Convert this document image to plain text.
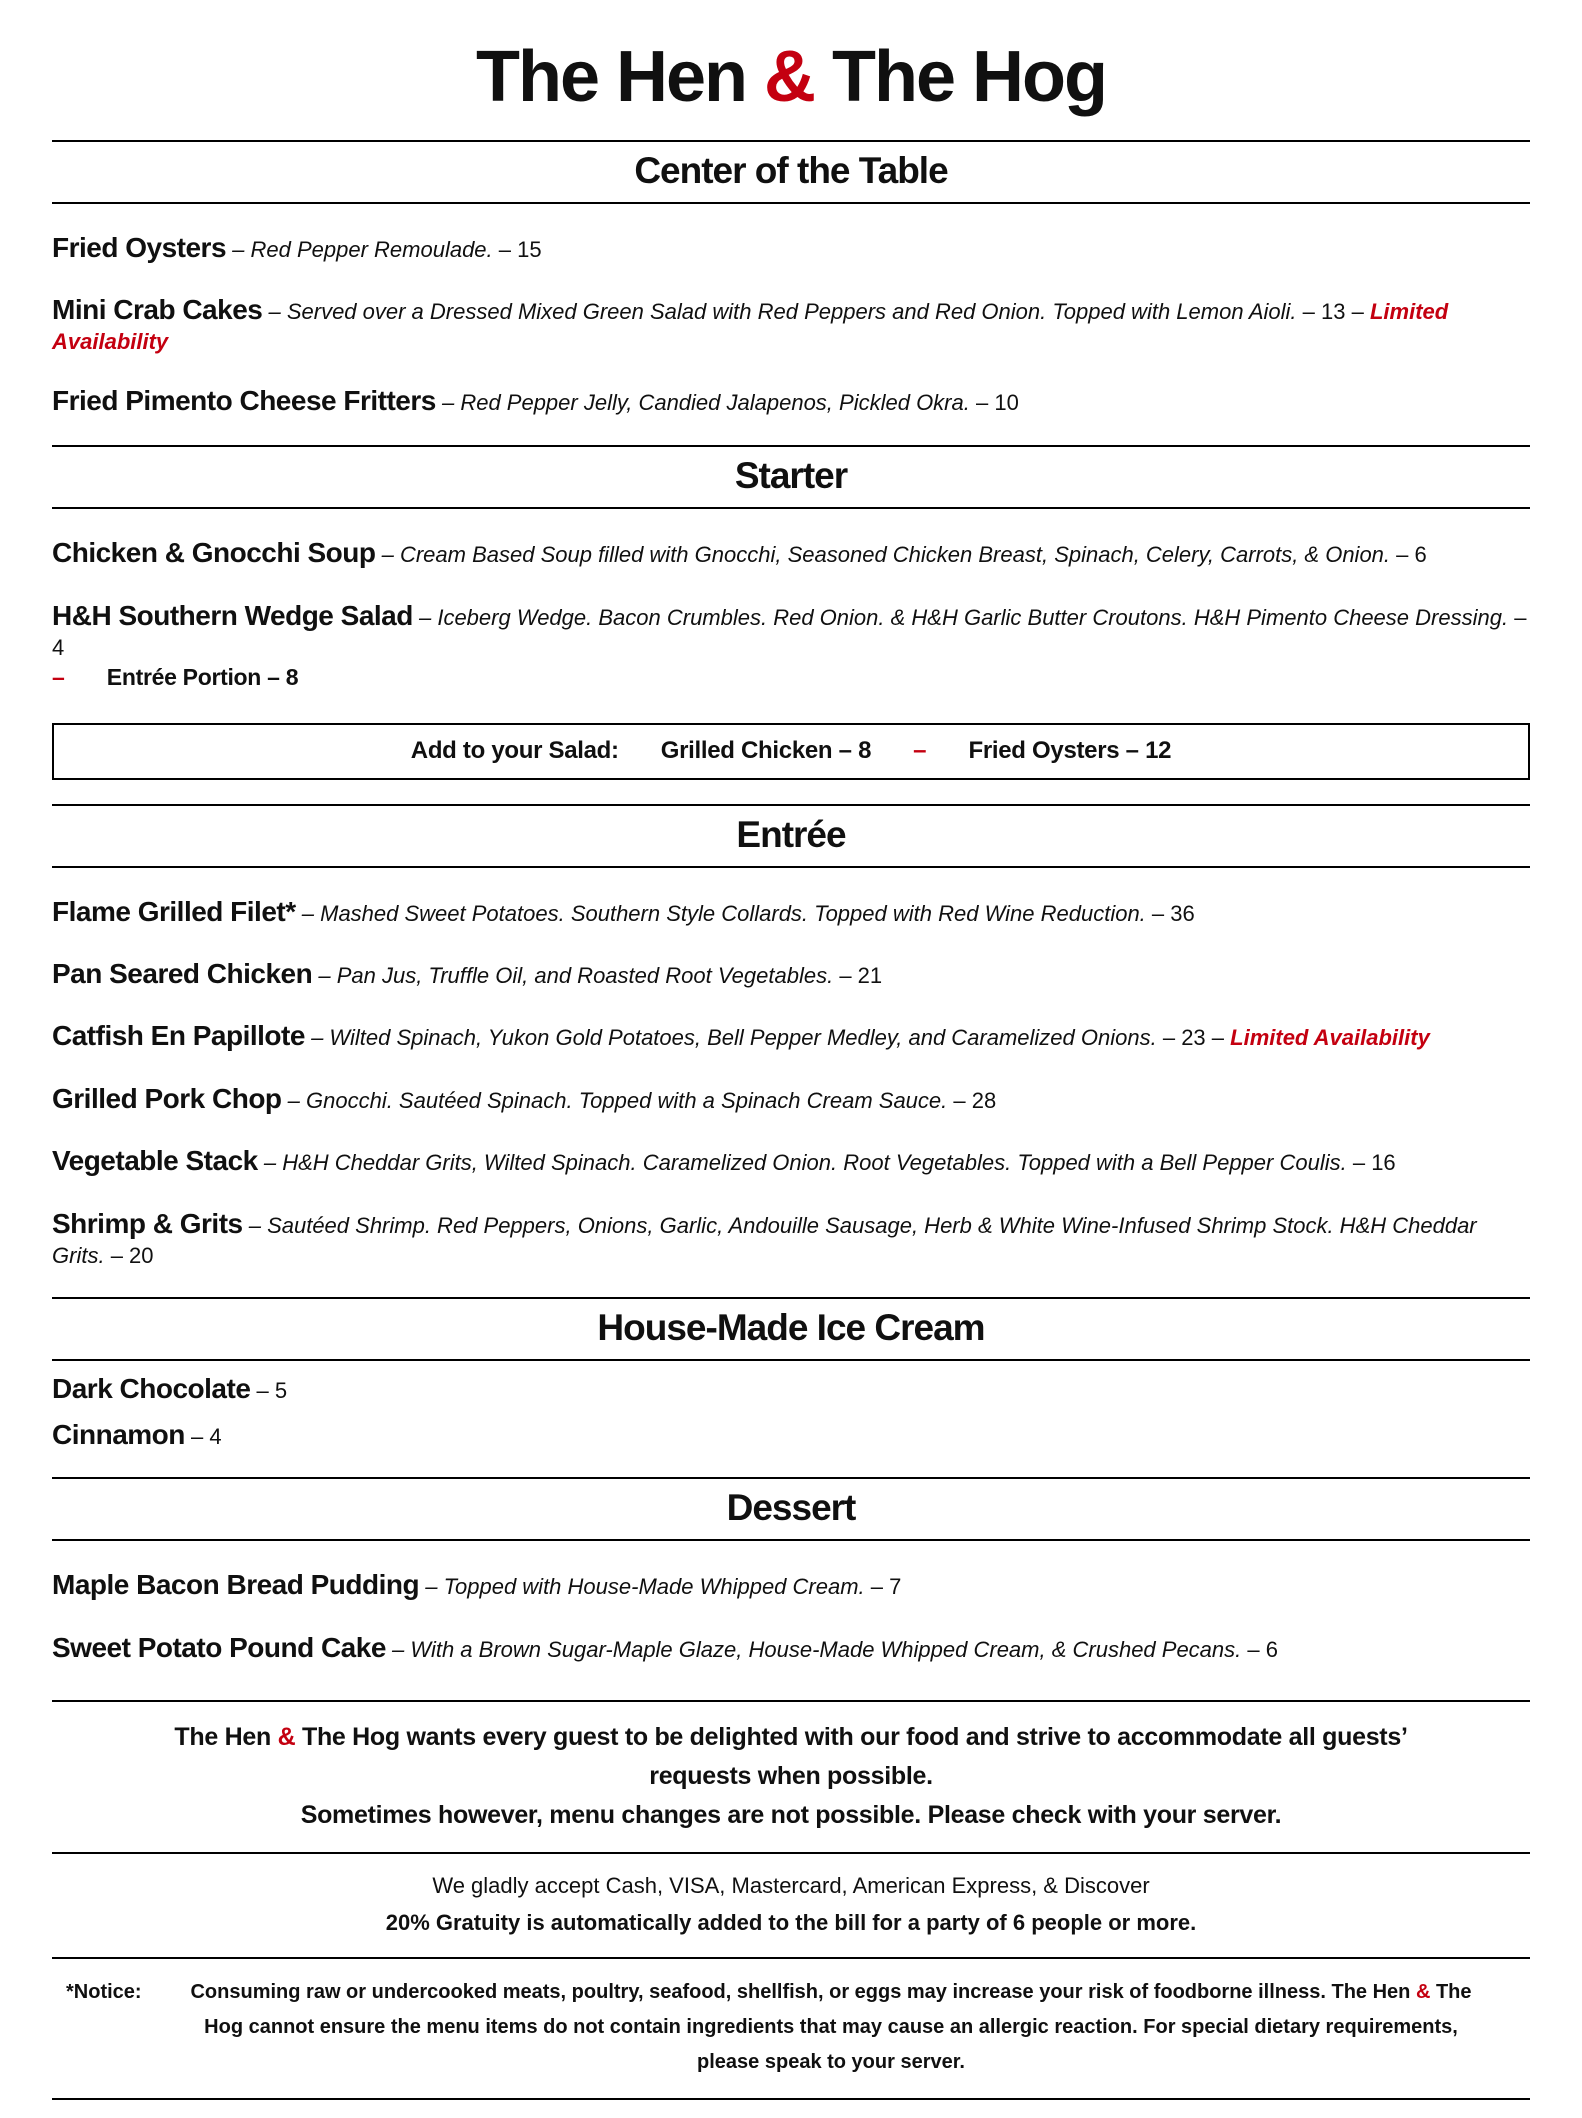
The Hen & The Hog
Center of the Table

Fried Oysters – Red Pepper Remoulade. – 15

Mini Crab Cakes – Served over a Dressed Mixed Green Salad with Red Peppers and Red Onion. Topped with Lemon Aioli. – 13 – Limited Availability

Fried Pimento Cheese Fritters – Red Pepper Jelly, Candied Jalapenos, Pickled Okra. – 10

Starter

Chicken & Gnocchi Soup – Cream Based Soup filled with Gnocchi, Seasoned Chicken Breast, Spinach, Celery, Carrots, & Onion. – 6

H&H Southern Wedge Salad – Iceberg Wedge. Bacon Crumbles. Red Onion. & H&H Garlic Butter Croutons. H&H Pimento Cheese Dressing. – 4
– Entrée Portion – 8

Add to your Salad: Grilled Chicken – 8 – Fried Oysters – 12
Entrée

Flame Grilled Filet* – Mashed Sweet Potatoes. Southern Style Collards. Topped with Red Wine Reduction. – 36

Pan Seared Chicken – Pan Jus, Truffle Oil, and Roasted Root Vegetables. – 21

Catfish En Papillote – Wilted Spinach, Yukon Gold Potatoes, Bell Pepper Medley, and Caramelized Onions. – 23 – Limited Availability

Grilled Pork Chop – Gnocchi. Sautéed Spinach. Topped with a Spinach Cream Sauce. – 28

Vegetable Stack – H&H Cheddar Grits, Wilted Spinach. Caramelized Onion. Root Vegetables. Topped with a Bell Pepper Coulis. – 16

Shrimp & Grits – Sautéed Shrimp. Red Peppers, Onions, Garlic, Andouille Sausage, Herb & White Wine-Infused Shrimp Stock. H&H Cheddar Grits. – 20

House-Made Ice Cream

Dark Chocolate – 5

Cinnamon – 4

Dessert

Maple Bacon Bread Pudding – Topped with House-Made Whipped Cream. – 7

Sweet Potato Pound Cake – With a Brown Sugar-Maple Glaze, House-Made Whipped Cream, & Crushed Pecans. – 6

The Hen & The Hog wants every guest to be delighted with our food and strive to accommodate all guests’ requests when possible.
Sometimes however, menu changes are not possible. Please check with your server.
We gladly accept Cash, VISA, Mastercard, American Express, & Discover
20% Gratuity is automatically added to the bill for a party of 6 people or more.
*Notice:	Consuming raw or undercooked meats, poultry, seafood, shellfish, or eggs may increase your risk of foodborne illness. The Hen & The Hog cannot ensure the menu items do not contain ingredients that may cause an allergic reaction. For special dietary requirements, please speak to your server.
